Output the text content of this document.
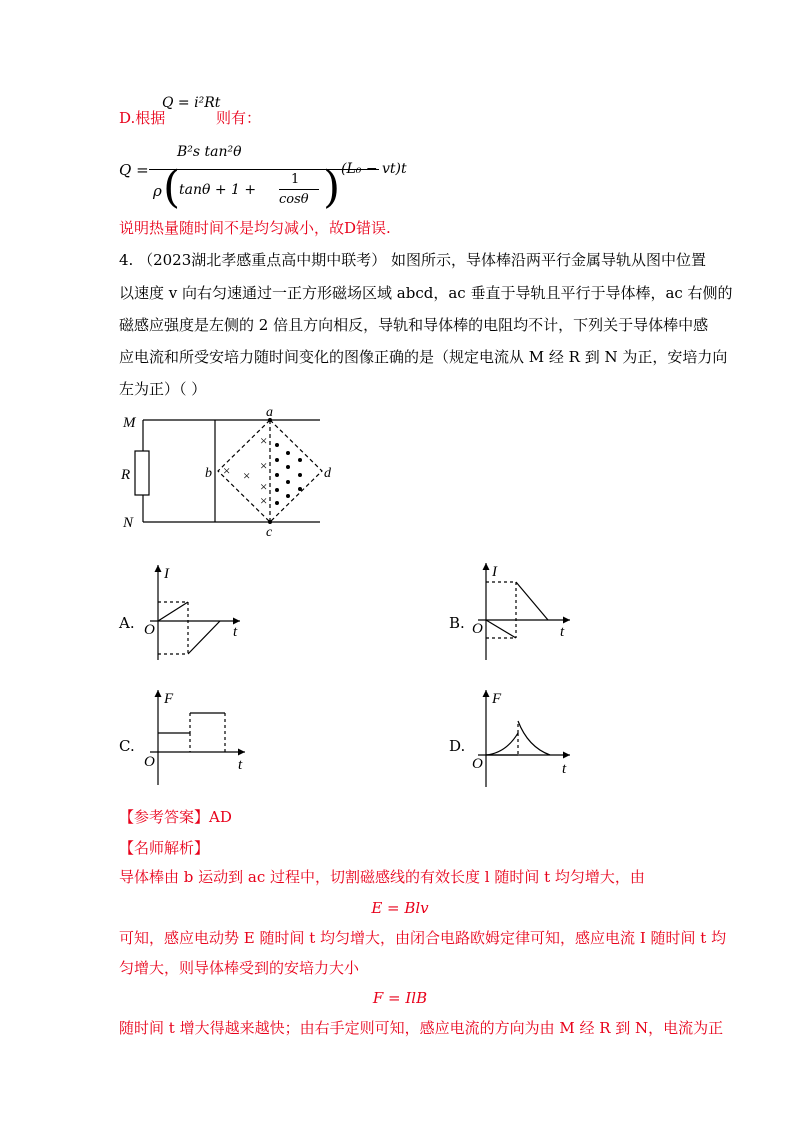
D.根据
Q = i²Rt
则有：
Q =
B²s tan²θ
ρ (
tanθ + 1 +
1
cosθ ) (L₀ − vt)t
说明热量随时间不是均匀减小，故D错误.
4. （2023湖北孝感重点高中期中联考） 如图所示，导体棒沿两平行金属导轨从图中位置
以速度 v 向右匀速通过一正方形磁场区域 abcd，ac 垂直于导轨且平行于导体棒，ac 右侧的
磁感应强度是左侧的 2 倍且方向相反，导轨和导体棒的电阻均不计，下列关于导体棒中感
应电流和所受安培力随时间变化的图像正确的是（规定电流从 M 经 R 到 N 为正，安培力向
左为正）（ ）
×
×
×
×
×
×
M
N
R
a
b
c
d
A.
I
O	t	B.
I
O	t
C.
F
O	t
D.
F
O	t
【参考答案】AD
【名师解析】
导体棒由 b 运动到 ac 过程中，切割磁感线的有效长度 l 随时间 t 均匀增大，由
E = Blv
可知，感应电动势 E 随时间 t 均匀增大，由闭合电路欧姆定律可知，感应电流 I 随时间 t 均
匀增大，则导体棒受到的安培力大小
F = IlB
随时间 t 增大得越来越快；由右手定则可知，感应电流的方向为由 M 经 R 到 N，电流为正
